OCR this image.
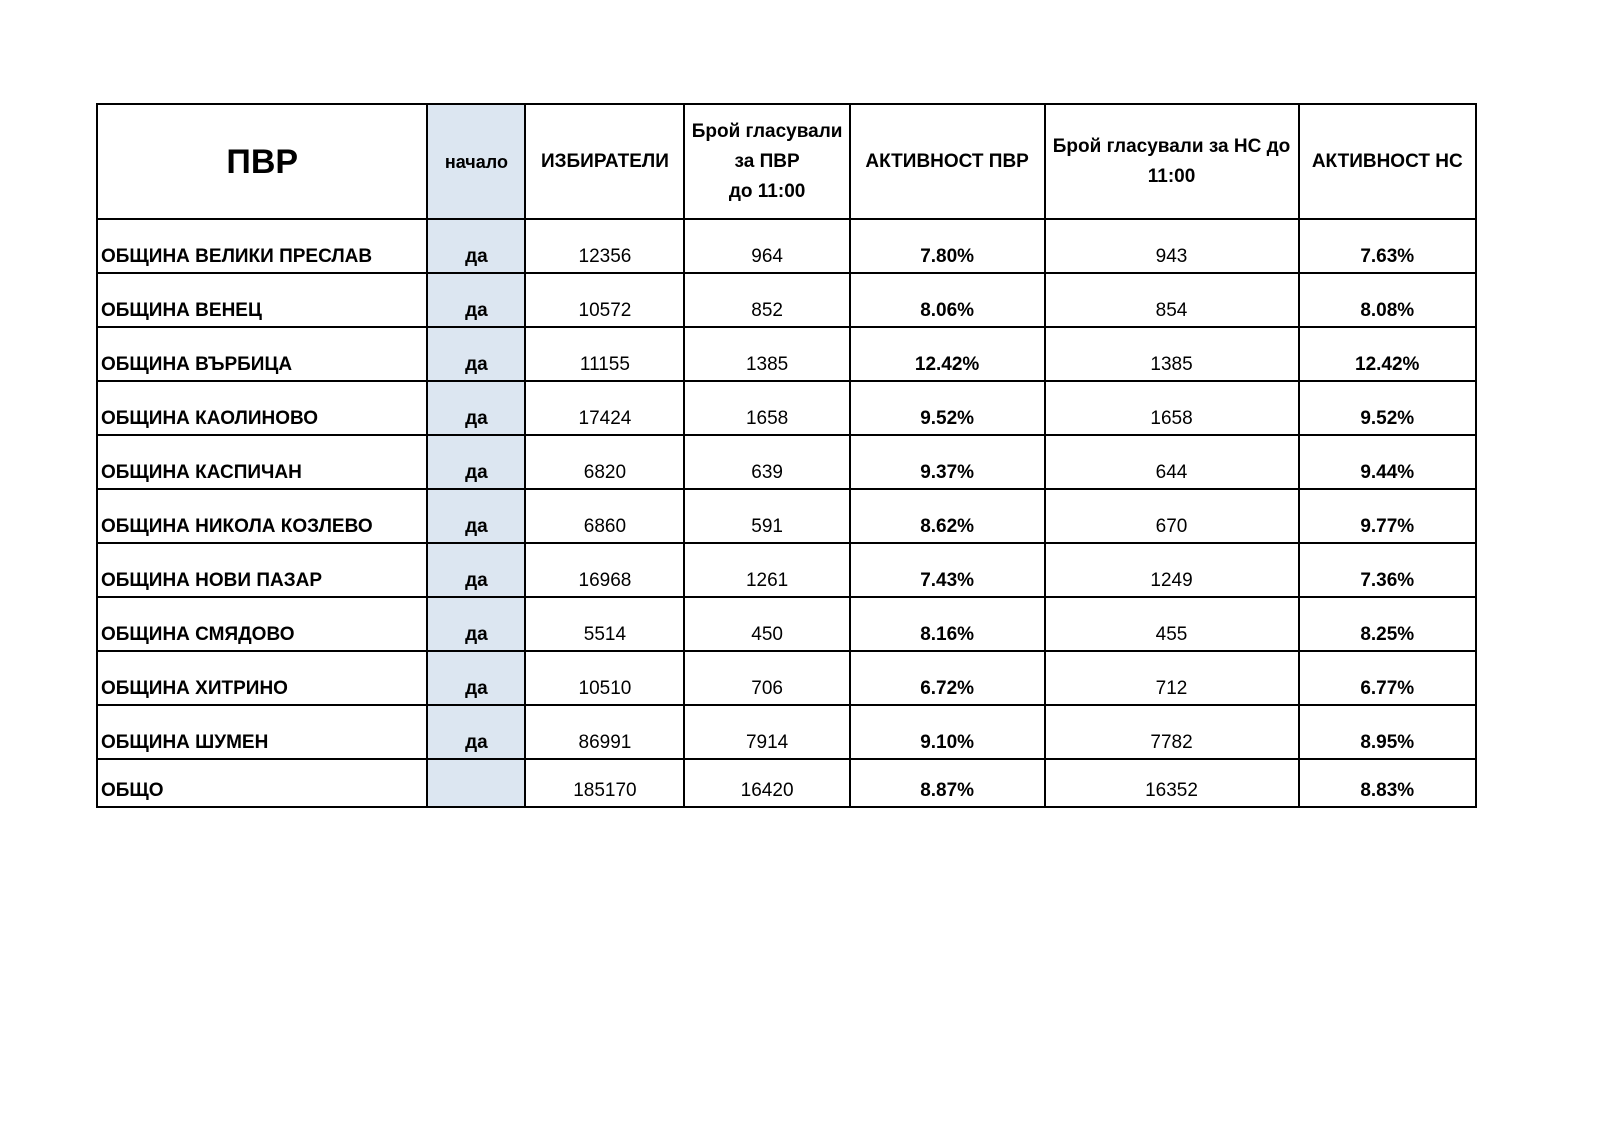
ПВР	начало	ИЗБИРАТЕЛИ	Брой гласували
за ПВР
до 11:00	АКТИВНОСТ ПВР	Брой гласували за НС до
11:00	АКТИВНОСТ НС
ОБЩИНА ВЕЛИКИ ПРЕСЛАВ	да	12356	964	7.80%	943	7.63%
ОБЩИНА ВЕНЕЦ	да	10572	852	8.06%	854	8.08%
ОБЩИНА ВЪРБИЦА	да	11155	1385	12.42%	1385	12.42%
ОБЩИНА КАОЛИНОВО	да	17424	1658	9.52%	1658	9.52%
ОБЩИНА КАСПИЧАН	да	6820	639	9.37%	644	9.44%
ОБЩИНА НИКОЛА КОЗЛЕВО	да	6860	591	8.62%	670	9.77%
ОБЩИНА НОВИ ПАЗАР	да	16968	1261	7.43%	1249	7.36%
ОБЩИНА СМЯДОВО	да	5514	450	8.16%	455	8.25%
ОБЩИНА ХИТРИНО	да	10510	706	6.72%	712	6.77%
ОБЩИНА ШУМЕН	да	86991	7914	9.10%	7782	8.95%
ОБЩО		185170	16420	8.87%	16352	8.83%
